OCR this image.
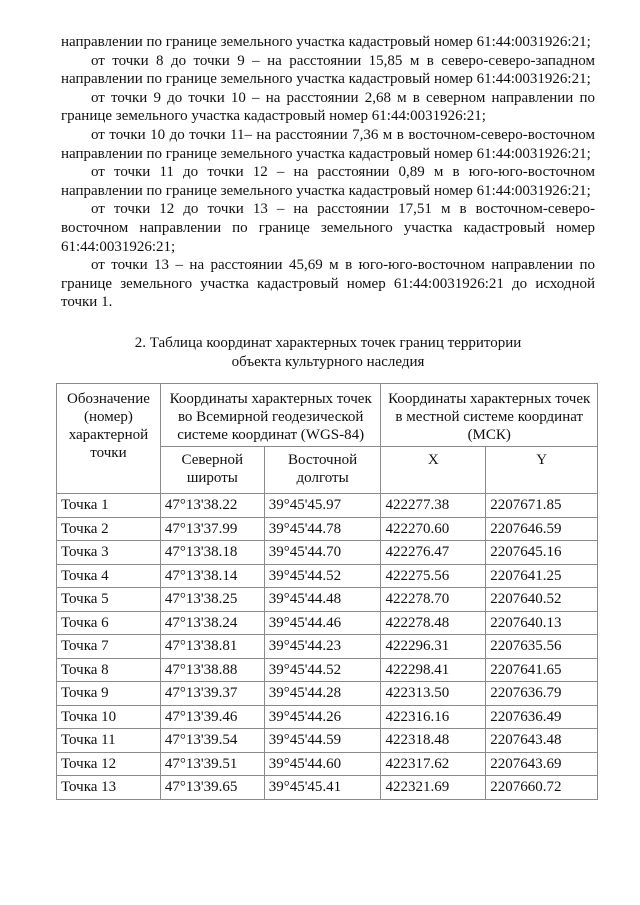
направлении по границе земельного участка кадастровый номер 61:44:0031926:21;

от точки 8 до точки 9 – на расстоянии 15,85 м в северо-северо-западном направлении по границе земельного участка кадастровый номер 61:44:0031926:21;

от точки 9 до точки 10 – на расстоянии 2,68 м в северном направлении по границе земельного участка кадастровый номер 61:44:0031926:21;

от точки 10 до точки 11– на расстоянии 7,36 м в восточном-северо-восточном направлении по границе земельного участка кадастровый номер 61:44:0031926:21;

от точки 11 до точки 12 – на расстоянии 0,89 м в юго-юго-восточном направлении по границе земельного участка кадастровый номер 61:44:0031926:21;

от точки 12 до точки 13 – на расстоянии 17,51 м в восточном-северо-восточном направлении по границе земельного участка кадастровый номер 61:44:0031926:21;

от точки 13 – на расстоянии 45,69 м в юго-юго-восточном направлении по границе земельного участка кадастровый номер 61:44:0031926:21 до исходной точки 1.

2. Таблица координат характерных точек границ территории
объекта культурного наследия
Обозначение (номер) характерной точки	Координаты характерных точек во Всемирной геодезической системе координат (WGS-84)		Координаты характерных точек в местной системе координат (МСК)	
	Северной широты	Восточной долготы	X	Y
Точка 1	47°13'38.22	39°45'45.97	422277.38	2207671.85
Точка 2	47°13'37.99	39°45'44.78	422270.60	2207646.59
Точка 3	47°13'38.18	39°45'44.70	422276.47	2207645.16
Точка 4	47°13'38.14	39°45'44.52	422275.56	2207641.25
Точка 5	47°13'38.25	39°45'44.48	422278.70	2207640.52
Точка 6	47°13'38.24	39°45'44.46	422278.48	2207640.13
Точка 7	47°13'38.81	39°45'44.23	422296.31	2207635.56
Точка 8	47°13'38.88	39°45'44.52	422298.41	2207641.65
Точка 9	47°13'39.37	39°45'44.28	422313.50	2207636.79
Точка 10	47°13'39.46	39°45'44.26	422316.16	2207636.49
Точка 11	47°13'39.54	39°45'44.59	422318.48	2207643.48
Точка 12	47°13'39.51	39°45'44.60	422317.62	2207643.69
Точка 13	47°13'39.65	39°45'45.41	422321.69	2207660.72
